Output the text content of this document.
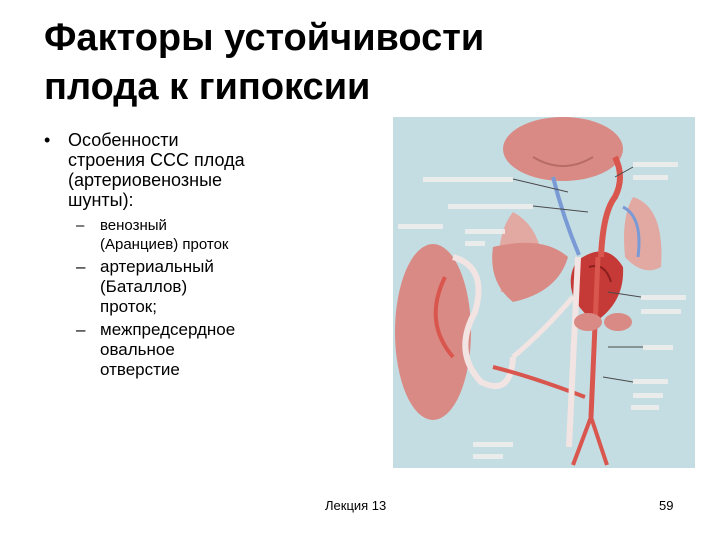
Факторы устойчивости
плода к гипоксии
• Особенности
строения ССС плода
(артериовенозные
шунты):
– венозный
(Аранциев) проток
– артериальный
(Баталлов)
проток;
– межпредсердное
овальное
отверстие
Лекция 13	59
